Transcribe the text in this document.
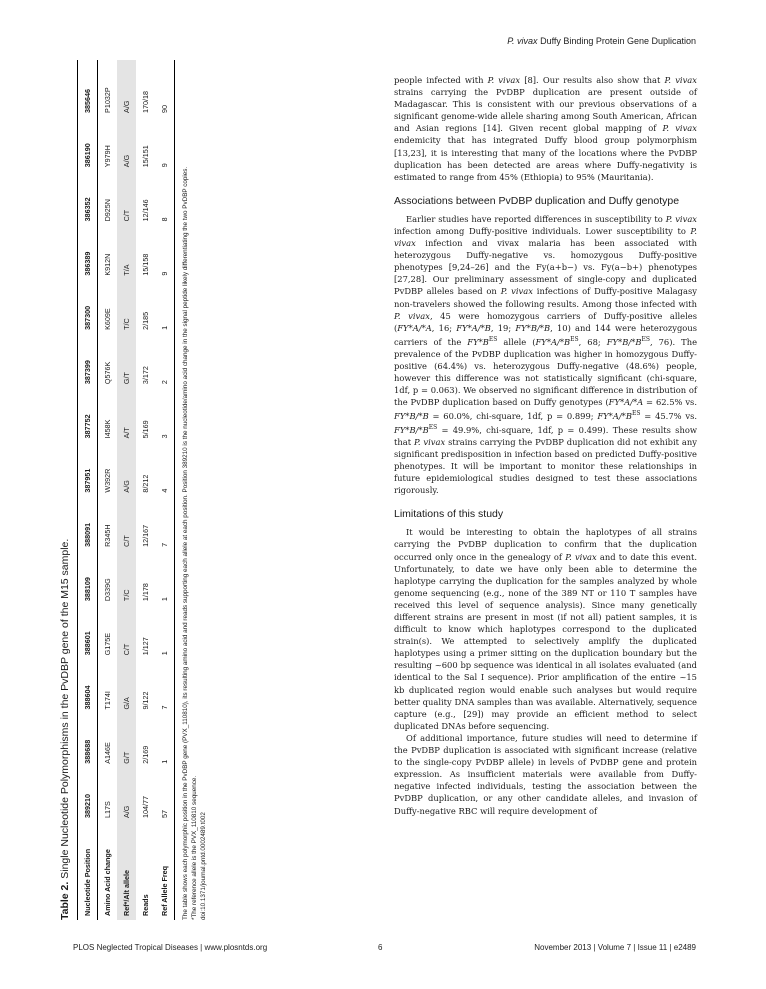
P. vivax Duffy Binding Protein Gene Duplication
Table 2. Single Nucleotide Polymorphisms in the PvDBP gene of the M15 sample.
Nucleotide Position	389210	388688	388604	388601	388109	388091	387951	387752	387399	387300	386389	386352	386190	385646
Amino Acid change	L17S	A146E	T174I	G175E	D339G	R345H	W392R	I458K	Q576K	K609E	K912N	D925N	Y979H	P1032P
Ref*/Alt allele	A/G	G/T	G/A	C/T	T/C	C/T	A/G	A/T	G/T	T/C	T/A	C/T	A/G	A/G
Reads	104/77	2/169	9/122	1/127	1/178	12/167	8/212	5/169	3/172	2/185	15/158	12/146	15/151	170/18
Ref Allele Freq	57	1	7	1	1	7	4	3	2	1	9	8	9	90

The table shows each polymorphic position in the PvDBP gene (PVX_110810), its resulting amino acid and reads supporting each allele at each position. Position 389210 is the nucleotide/amino acid change in the signal peptide likely differentiating the two PvDBP copies. *The reference allele is the PVX_110810 sequence. doi:10.1371/journal.pntd.0002489.t002

people infected with P. vivax [8]. Our results also show that P. vivax strains carrying the PvDBP duplication are present outside of Madagascar. This is consistent with our previous observations of a significant genome-wide allele sharing among South American, African and Asian regions [14]. Given recent global mapping of P. vivax endemicity that has integrated Duffy blood group polymorphism [13,23], it is interesting that many of the locations where the PvDBP duplication has been detected are areas where Duffy-negativity is estimated to range from 45% (Ethiopia) to 95% (Mauritania).

Associations between PvDBP duplication and Duffy genotype

Earlier studies have reported differences in susceptibility to P. vivax infection among Duffy-positive individuals. Lower susceptibility to P. vivax infection and vivax malaria has been associated with heterozygous Duffy-negative vs. homozygous Duffy-positive phenotypes [9,24–26] and the Fy(a+b−) vs. Fy(a−b+) phenotypes [27,28]. Our preliminary assessment of single-copy and duplicated PvDBP alleles based on P. vivax infections of Duffy-positive Malagasy non-travelers showed the following results. Among those infected with P. vivax, 45 were homozygous carriers of Duffy-positive alleles (FY*A/*A, 16; FY*A/*B, 19; FY*B/*B, 10) and 144 were heterozygous carriers of the $FY*B^{ES}$ allele ($FY*A/*B^{ES}$, 68; $FY*B/*B^{ES}$, 76). The prevalence of the PvDBP duplication was higher in homozygous Duffy-positive (64.4%) vs. heterozygous Duffy-negative (48.6%) people, however this difference was not statistically significant (chi-square, 1df, p = 0.063). We observed no significant difference in distribution of the PvDBP duplication based on Duffy genotypes (FY*A/*A = 62.5% vs. FY*B/*B = 60.0%, chi-square, 1df, p = 0.899; $FY*A/*B^{ES} = 45.7\%$ vs. $FY*B/*B^{ES} = 49.9\%$, chi-square, 1df, p = 0.499). These results show that P. vivax strains carrying the PvDBP duplication did not exhibit any significant predisposition in infection based on predicted Duffy-positive phenotypes. It will be important to monitor these relationships in future epidemiological studies designed to test these associations rigorously.

Limitations of this study

It would be interesting to obtain the haplotypes of all strains carrying the PvDBP duplication to confirm that the duplication occurred only once in the genealogy of P. vivax and to date this event. Unfortunately, to date we have only been able to determine the haplotype carrying the duplication for the samples analyzed by whole genome sequencing (e.g., none of the 389 NT or 110 T samples have received this level of sequence analysis). Since many genetically different strains are present in most (if not all) patient samples, it is difficult to know which haplotypes correspond to the duplicated strain(s). We attempted to selectively amplify the duplicated haplotypes using a primer sitting on the duplication boundary but the resulting ~600 bp sequence was identical in all isolates evaluated (and identical to the Sal I sequence). Prior amplification of the entire ~15 kb duplicated region would enable such analyses but would require better quality DNA samples than was available. Alternatively, sequence capture (e.g., [29]) may provide an efficient method to select duplicated DNAs before sequencing.

Of additional importance, future studies will need to determine if the PvDBP duplication is associated with significant increase (relative to the single-copy PvDBP allele) in levels of PvDBP gene and protein expression. As insufficient materials were available from Duffy-negative infected individuals, testing the association between the PvDBP duplication, or any other candidate alleles, and invasion of Duffy-negative RBC will require development of

PLOS Neglected Tropical Diseases | www.plosntds.org	6	November 2013 | Volume 7 | Issue 11 | e2489
